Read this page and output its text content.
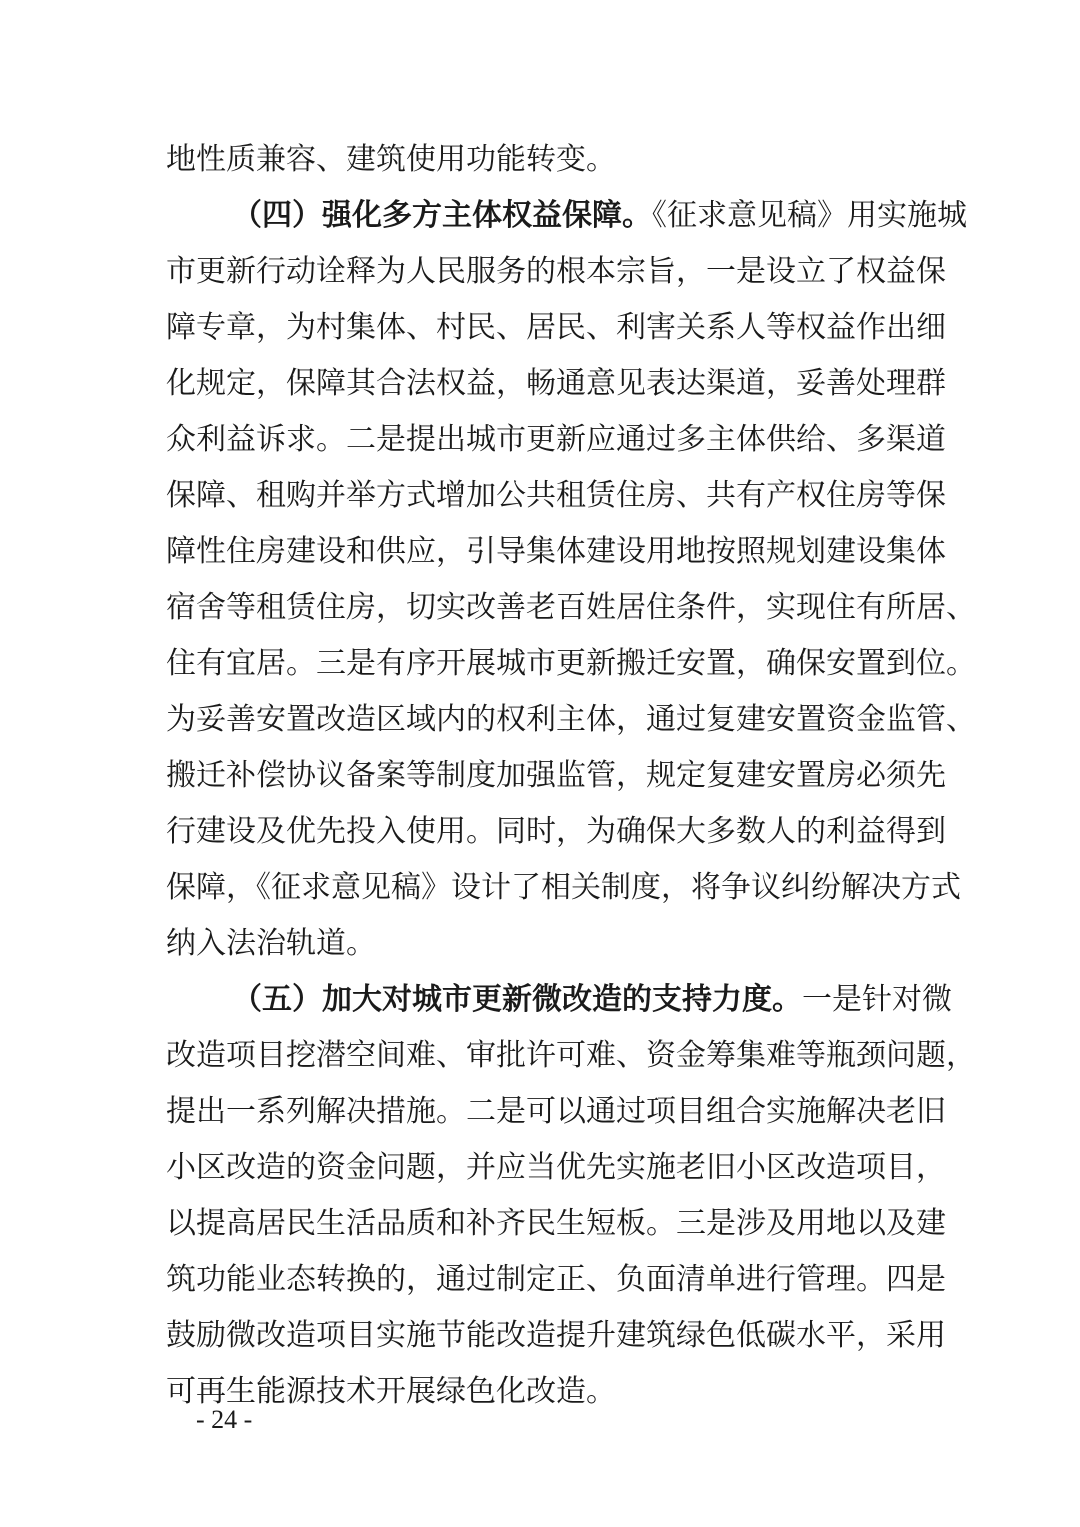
地性质兼容、建筑使用功能转变。
（四）强化多方主体权益保障。《征求意见稿》用实施城
市更新行动诠释为人民服务的根本宗旨，一是设立了权益保
障专章，为村集体、村民、居民、利害关系人等权益作出细
化规定，保障其合法权益，畅通意见表达渠道，妥善处理群
众利益诉求。二是提出城市更新应通过多主体供给、多渠道
保障、租购并举方式增加公共租赁住房、共有产权住房等保
障性住房建设和供应，引导集体建设用地按照规划建设集体
宿舍等租赁住房，切实改善老百姓居住条件，实现住有所居、
住有宜居。三是有序开展城市更新搬迁安置，确保安置到位。
为妥善安置改造区域内的权利主体，通过复建安置资金监管、
搬迁补偿协议备案等制度加强监管，规定复建安置房必须先
行建设及优先投入使用。同时，为确保大多数人的利益得到
保障，《征求意见稿》设计了相关制度，将争议纠纷解决方式
纳入法治轨道。
（五）加大对城市更新微改造的支持力度。一是针对微
改造项目挖潜空间难、审批许可难、资金筹集难等瓶颈问题，
提出一系列解决措施。二是可以通过项目组合实施解决老旧
小区改造的资金问题，并应当优先实施老旧小区改造项目，
以提高居民生活品质和补齐民生短板。三是涉及用地以及建
筑功能业态转换的，通过制定正、负面清单进行管理。四是
鼓励微改造项目实施节能改造提升建筑绿色低碳水平，采用
可再生能源技术开展绿色化改造。
- 24 -
